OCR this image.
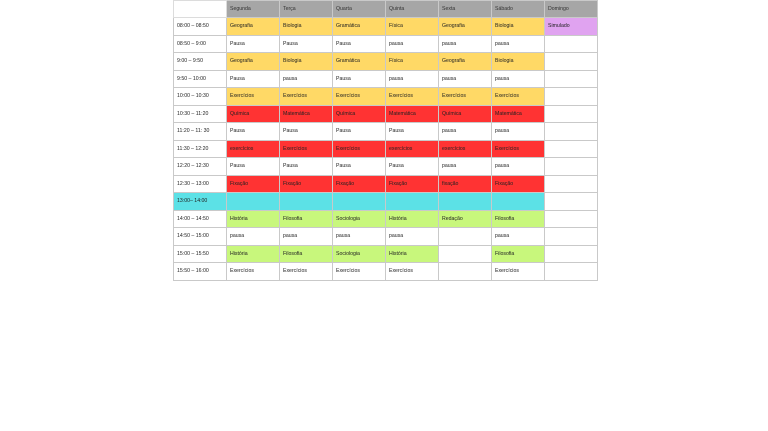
	Segunda	Terça	Quarta	Quinta	Sexta	Sábado	Domingo
08:00 – 08:50	Geografia	Biologia	Gramática	Física	Geografia	Biologia	Simulado
08:50 – 9:00	Pausa	Pausa	Pausa	pausa	pausa	pausa	
9:00 – 9:50	Geografia	Biologia	Gramática	Física	Geografia	Biologia	
9:50 – 10:00	Pausa	pausa	Pausa	pausa	pausa	pausa	
10:00 – 10:30	Exercícios	Exercícios	Exercícios	Exercícios	Exercícios	Exercícios	
10:30 – 11:20	Química	Matemática	Química	Matemática	Química	Matemática	
11:20 – 11: 30	Pausa	Pausa	Pausa	Pausa	pausa	pausa	
11:30 – 12:20	exercícios	Exercícios	Exercícios	exercícios	exercícios	Exercícios	
12:20 – 12:30	Pausa	Pausa	Pausa	Pausa	pausa	pausa	
12:30 – 13:00	Fixação	Fixação	Fixação	Fixação	fixação	Fixação	
13:00– 14:00							
14:00 – 14:50	História	Filosofia	Sociologia	História	Redação	Filosofia	
14:50 – 15:00	pausa	pausa	pausa	pausa		pausa	
15:00 – 15:50	História	Filosofia	Sociologia	História		Filosofia	
15:50 – 16:00	Exercícios	Exercícios	Exercícios	Exercícios		Exercícios	
